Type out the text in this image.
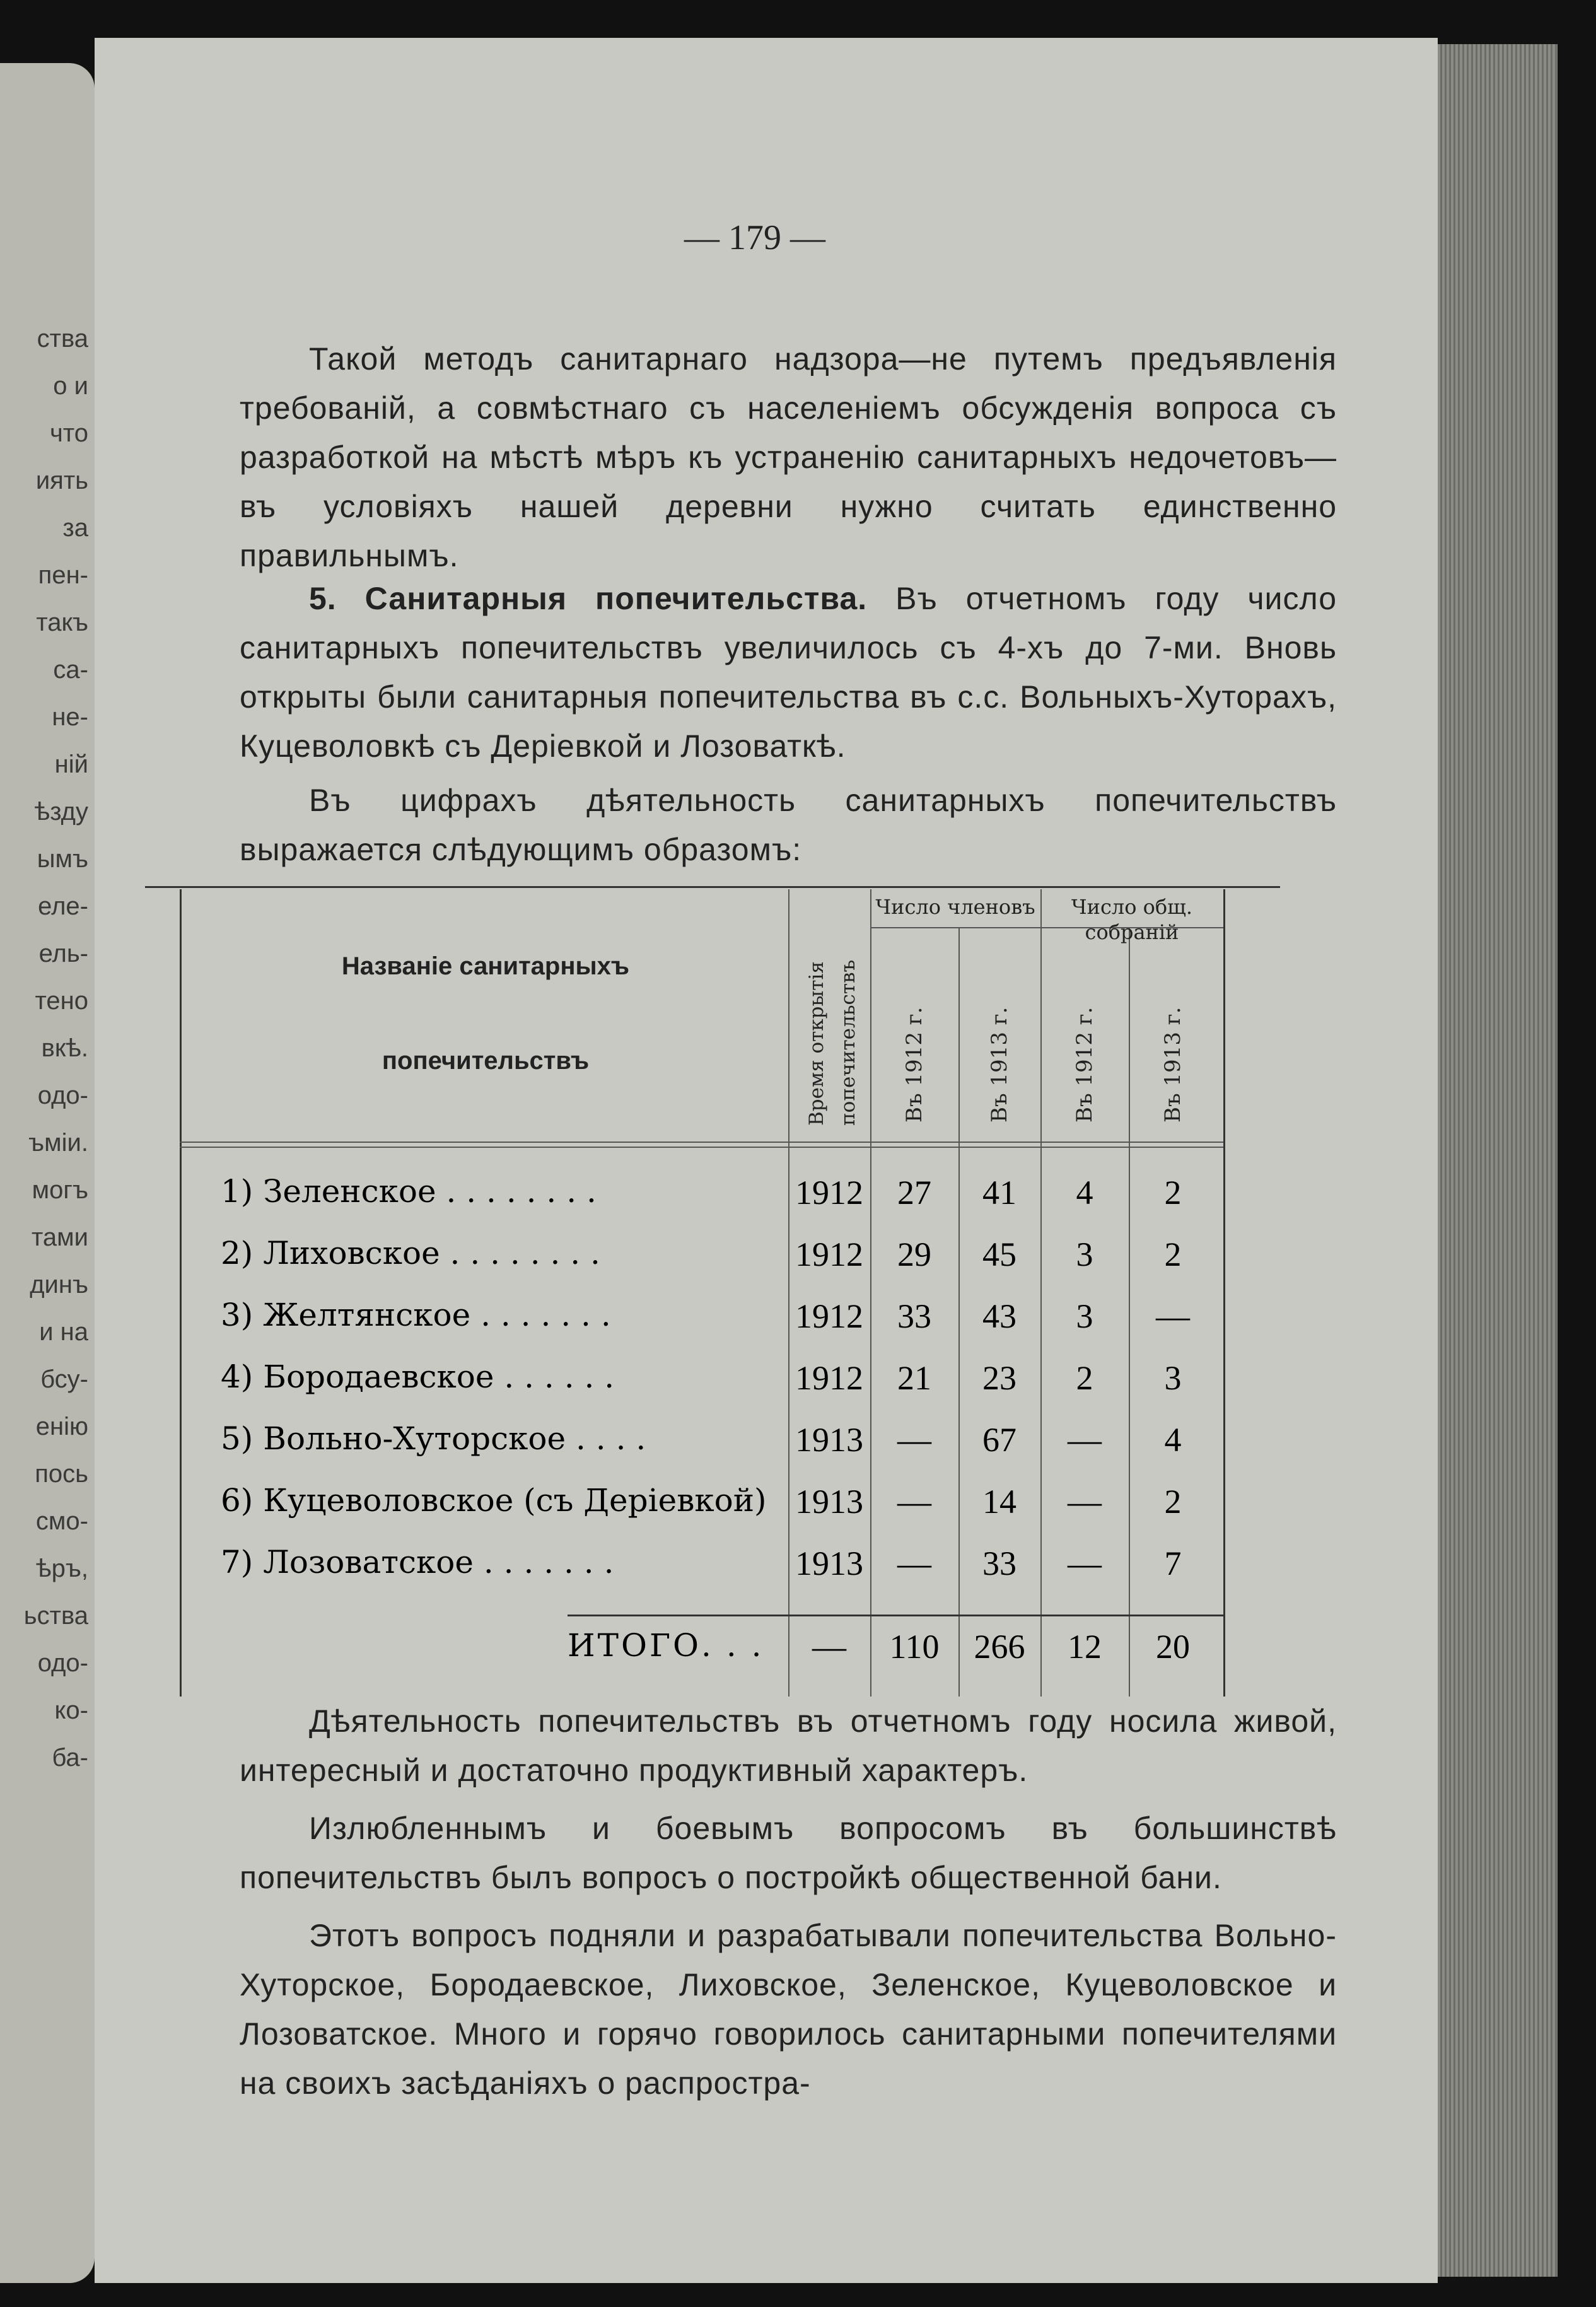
ства
о и
что
иять
за
пен-
такъ
са-
не-
ній
ѣзду
ымъ
еле-
ель-
тено
вкѣ.
одо-
ъміи.
могъ
тами
динъ
и на
бсу-
енію
пось
смо-
ѣръ,
ьства
одо-
ко-
ба-
— 179 —
Такой методъ санитарнаго надзора—не путемъ предъявленія требованій, а совмѣстнаго съ населеніемъ обсужденія вопроса съ разработкой на мѣстѣ мѣръ къ устраненію санитарныхъ недочетовъ—въ условіяхъ нашей деревни нужно считать единственно правильнымъ.
5. Санитарныя попечительства. Въ отчетномъ году число санитарныхъ попечительствъ увеличилось съ 4-хъ до 7-ми. Вновь открыты были санитарныя попечительства въ с.с. Вольныхъ-Хуторахъ, Куцеволовкѣ съ Деріевкой и Лозоваткѣ.
Въ цифрахъ дѣятельность санитарныхъ попечительствъ выражается слѣдующимъ образомъ:
Названіе санитарныхъ
попечительствъ	Время открытія попечительствъ
Число членовъ	Число общ. собраній
Въ 1912 г.	Въ 1913 г.	Въ 1912 г.	Въ 1913 г.
1) Зеленское . . . . . . . .	1912	27	41	4	2
2) Лиховское . . . . . . . .	1912	29	45	3	2
3) Желтянское . . . . . . .	1912	33	43	3	—
4) Бородаевское . . . . . .	1912	21	23	2	3
5) Вольно-Хуторское . . . .	1913	—	67	—	4
6) Куцеволовское (съ Деріевкой) 1913	—	14	—	2
7) Лозоватское . . . . . . .	1913	—	33	—	7
ИТОГО. . .	—	110	266	12	20
Дѣятельность попечительствъ въ отчетномъ году носила живой, интересный и достаточно продуктивный характеръ.
Излюбленнымъ и боевымъ вопросомъ въ большинствѣ попечительствъ былъ вопросъ о постройкѣ общественной бани.
Этотъ вопросъ подняли и разрабатывали попечительства Вольно-Хуторское, Бородаевское, Лиховское, Зеленское, Куцеволовское и Лозоватское. Много и горячо говорилось санитарными попечителями на своихъ засѣданіяхъ о распростра-
